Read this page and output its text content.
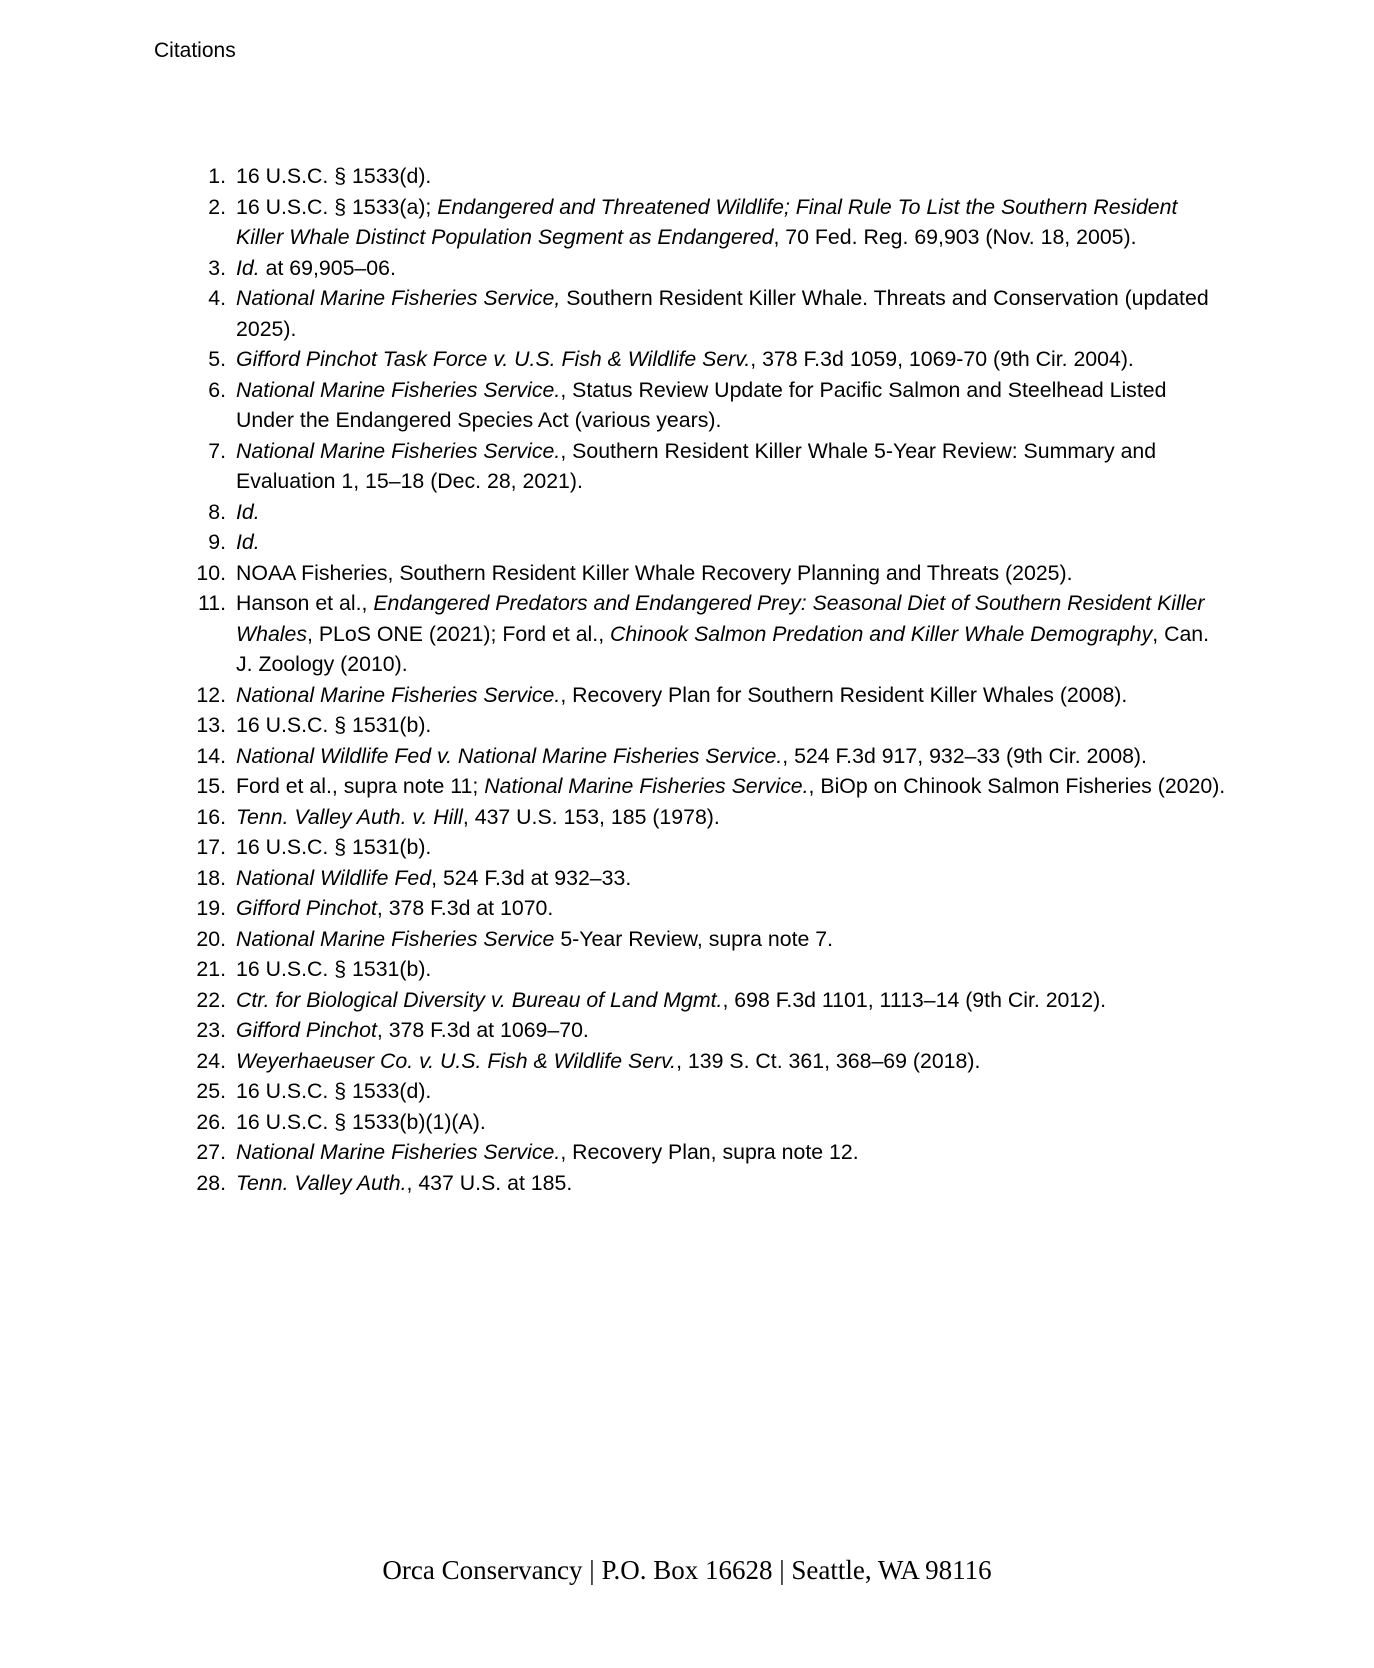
Citations
1 . 16 U.S.C. § 1533(d).
2 . 16 U.S.C. § 1533(a); Endangered and Threatened Wildlife; Final Rule To List the Southern Resident Killer Whale Distinct Population Segment as Endangered, 70 Fed. Reg. 69,903 (Nov. 18, 2005).
3 . Id. at 69,905–06.
4 . National Marine Fisheries Service, Southern Resident Killer Whale. Threats and Conservation (updated 2025).
5 . Gifford Pinchot Task Force v. U.S. Fish & Wildlife Serv., 378 F.3d 1059, 1069-70 (9th Cir. 2004).
6 . National Marine Fisheries Service., Status Review Update for Pacific Salmon and Steelhead Listed Under the Endangered Species Act (various years).
7 . National Marine Fisheries Service., Southern Resident Killer Whale 5-Year Review: Summary and Evaluation 1, 15–18 (Dec. 28, 2021).
8 . Id.
9 . Id.
10 . NOAA Fisheries, Southern Resident Killer Whale Recovery Planning and Threats (2025).
11 . Hanson et al., Endangered Predators and Endangered Prey: Seasonal Diet of Southern Resident Killer Whales, PLoS ONE (2021); Ford et al., Chinook Salmon Predation and Killer Whale Demography, Can. J. Zoology (2010).
12 . National Marine Fisheries Service., Recovery Plan for Southern Resident Killer Whales (2008).
13 . 16 U.S.C. § 1531(b).
14 . National Wildlife Fed v. National Marine Fisheries Service., 524 F.3d 917, 932–33 (9th Cir. 2008).
15 . Ford et al., supra note 11; National Marine Fisheries Service., BiOp on Chinook Salmon Fisheries (2020).
16 . Tenn. Valley Auth. v. Hill, 437 U.S. 153, 185 (1978).
17 . 16 U.S.C. § 1531(b).
18 . National Wildlife Fed, 524 F.3d at 932–33.
19 . Gifford Pinchot, 378 F.3d at 1070.
20 . National Marine Fisheries Service 5-Year Review, supra note 7.
21 . 16 U.S.C. § 1531(b).
22 . Ctr. for Biological Diversity v. Bureau of Land Mgmt., 698 F.3d 1101, 1113–14 (9th Cir. 2012).
23 . Gifford Pinchot, 378 F.3d at 1069–70.
24 . Weyerhaeuser Co. v. U.S. Fish & Wildlife Serv., 139 S. Ct. 361, 368–69 (2018).
25 . 16 U.S.C. § 1533(d).
26 . 16 U.S.C. § 1533(b)(1)(A).
27 . National Marine Fisheries Service., Recovery Plan, supra note 12.
28 . Tenn. Valley Auth., 437 U.S. at 185.
Orca Conservancy | P.O. Box 16628 | Seattle, WA 98116
